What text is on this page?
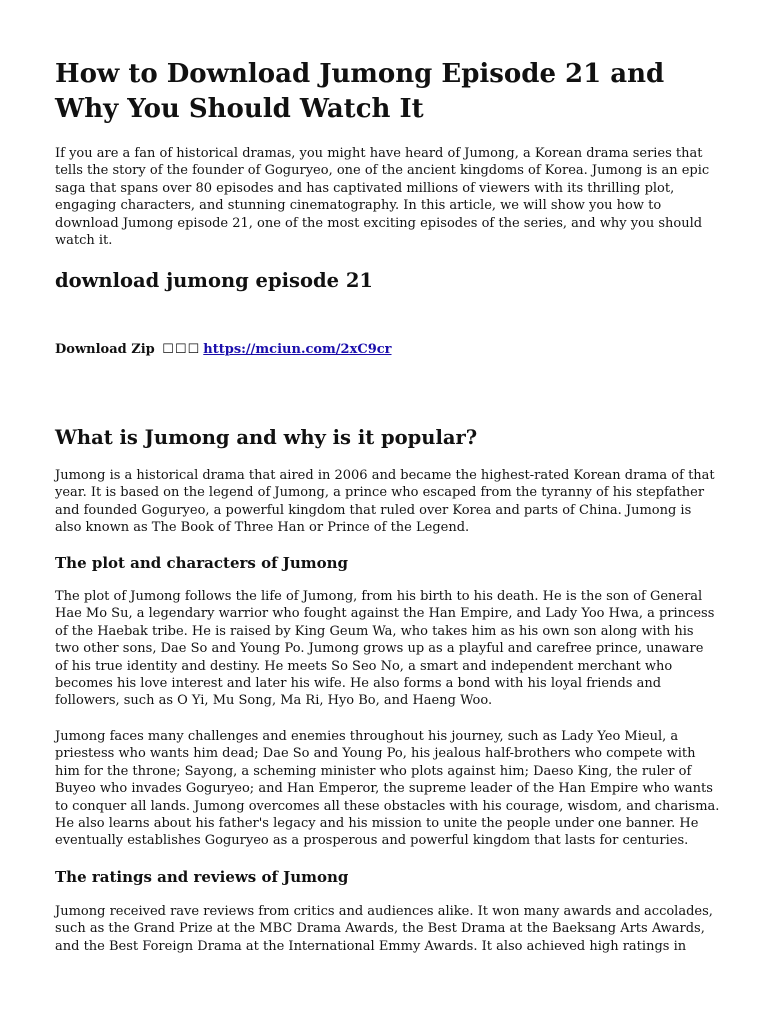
How to Download Jumong Episode 21 and Why You Should Watch It

If you are a fan of historical dramas, you might have heard of Jumong, a Korean drama series that tells the story of the founder of Goguryeo, one of the ancient kingdoms of Korea. Jumong is an epic saga that spans over 80 episodes and has captivated millions of viewers with its thrilling plot, engaging characters, and stunning cinematography. In this article, we will show you how to download Jumong episode 21, one of the most exciting episodes of the series, and why you should watch it.

download jumong episode 21
Download Zip ☐☐☐ https://mciun.com/2xC9cr
What is Jumong and why is it popular?

Jumong is a historical drama that aired in 2006 and became the highest-rated Korean drama of that year. It is based on the legend of Jumong, a prince who escaped from the tyranny of his stepfather and founded Goguryeo, a powerful kingdom that ruled over Korea and parts of China. Jumong is also known as The Book of Three Han or Prince of the Legend.

The plot and characters of Jumong

The plot of Jumong follows the life of Jumong, from his birth to his death. He is the son of General Hae Mo Su, a legendary warrior who fought against the Han Empire, and Lady Yoo Hwa, a princess of the Haebak tribe. He is raised by King Geum Wa, who takes him as his own son along with his two other sons, Dae So and Young Po. Jumong grows up as a playful and carefree prince, unaware of his true identity and destiny. He meets So Seo No, a smart and independent merchant who becomes his love interest and later his wife. He also forms a bond with his loyal friends and followers, such as O Yi, Mu Song, Ma Ri, Hyo Bo, and Haeng Woo.

Jumong faces many challenges and enemies throughout his journey, such as Lady Yeo Mieul, a priestess who wants him dead; Dae So and Young Po, his jealous half-brothers who compete with him for the throne; Sayong, a scheming minister who plots against him; Daeso King, the ruler of Buyeo who invades Goguryeo; and Han Emperor, the supreme leader of the Han Empire who wants to conquer all lands. Jumong overcomes all these obstacles with his courage, wisdom, and charisma. He also learns about his father's legacy and his mission to unite the people under one banner. He eventually establishes Goguryeo as a prosperous and powerful kingdom that lasts for centuries.

The ratings and reviews of Jumong

Jumong received rave reviews from critics and audiences alike. It won many awards and accolades, such as the Grand Prize at the MBC Drama Awards, the Best Drama at the Baeksang Arts Awards, and the Best Foreign Drama at the International Emmy Awards. It also achieved high ratings in
